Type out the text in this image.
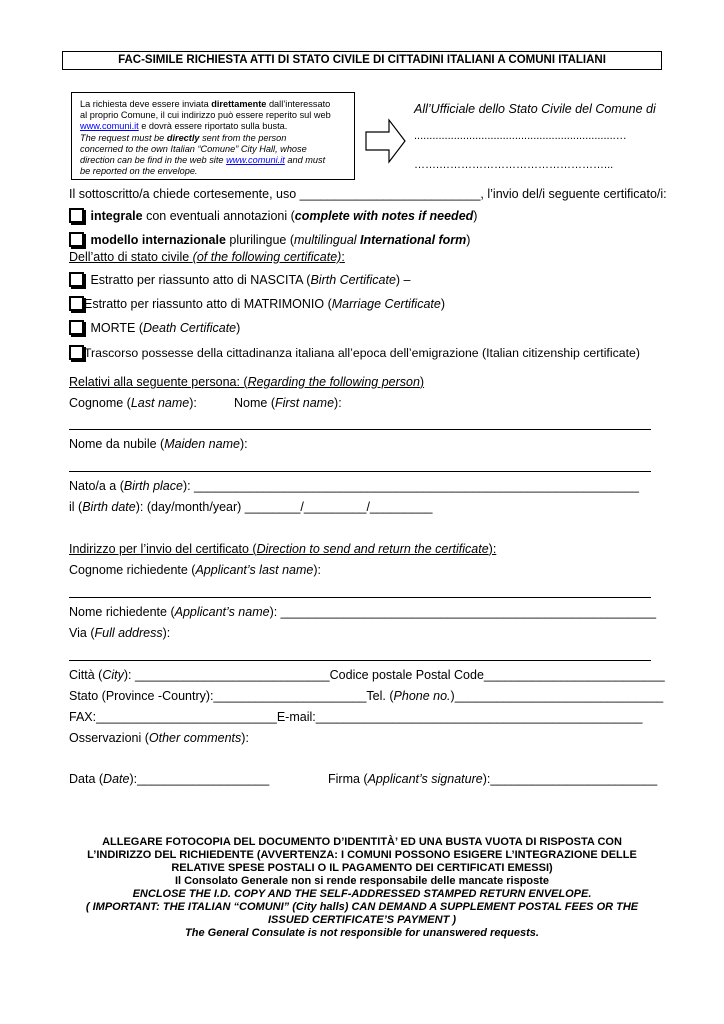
FAC-SIMILE RICHIESTA ATTI DI STATO CIVILE DI CITTADINI ITALIANI A COMUNI ITALIANI
La richiesta deve essere inviata direttamente dall’interessato
al proprio Comune, il cui indirizzo può essere reperito sul web
www.comuni.it e dovrà essere riportato sulla busta.
The request must be directly sent from the person
concerned to the own Italian “Comune” City Hall, whose
direction can be find in the web site www.comuni.it and must
be reported on the envelope.
All’Ufficiale dello Stato Civile del Comune di
..................................................................…
…….………………………………………...
Il sottoscritto/a chiede cortesemente, uso __________________________, l’invio del/i seguente certificato/i:
integrale con eventuali annotazioni (complete with notes if needed)
modello internazionale plurilingue (multilingual International form)
Dell’atto di stato civile (of the following certificate):
Estratto per riassunto atto di NASCITA (Birth Certificate) –
Estratto per riassunto atto di MATRIMONIO (Marriage Certificate)
MORTE (Death Certificate)
Trascorso possesse della cittadinanza italiana all’epoca dell’emigrazione (Italian citizenship certificate)
Relativi alla seguente persona: (Regarding the following person)
Cognome (Last name):	Nome (First name):
Nome da nubile (Maiden name):
Nato/a a (Birth place): ________________________________________________________________
il (Birth date): (day/month/year) ________/_________/_________
Indirizzo per l’invio del certificato (Direction to send and return the certificate):
Cognome richiedente (Applicant’s last name):
Nome richiedente (Applicant’s name): ______________________________________________________
Via (Full address):
Città (City): ____________________________Codice postale Postal Code__________________________
Stato (Province -Country):______________________Tel. (Phone no.)______________________________
FAX:__________________________E-mail:_______________________________________________
Osservazioni (Other comments):
Data (Date):___________________	Firma (Applicant’s signature):________________________
ALLEGARE FOTOCOPIA DEL DOCUMENTO D’IDENTITÀ’ ED UNA BUSTA VUOTA DI RISPOSTA CON
L’INDIRIZZO DEL RICHIEDENTE (AVVERTENZA: I COMUNI POSSONO ESIGERE L’INTEGRAZIONE DELLE
RELATIVE SPESE POSTALI O IL PAGAMENTO DEI CERTIFICATI EMESSI)
Il Consolato Generale non si rende responsabile delle mancate risposte
ENCLOSE THE I.D. COPY AND THE SELF-ADDRESSED STAMPED RETURN ENVELOPE.
( IMPORTANT: THE ITALIAN “COMUNI” (City halls) CAN DEMAND A SUPPLEMENT POSTAL FEES OR THE
ISSUED CERTIFICATE’S PAYMENT )
The General Consulate is not responsible for unanswered requests.
